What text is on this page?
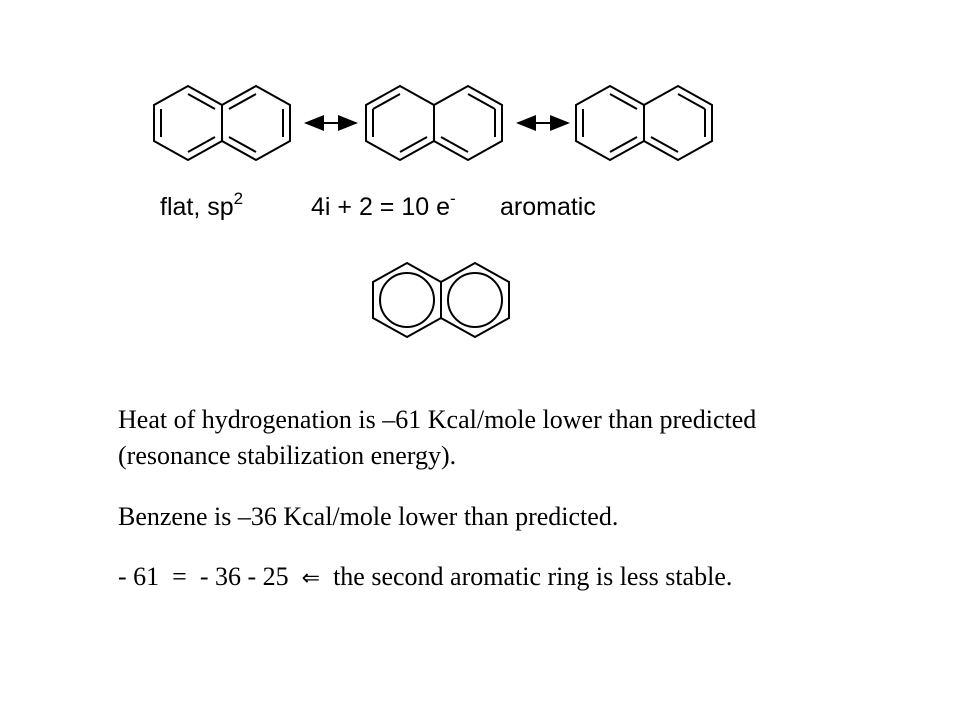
flat, $sp^2$	4i + 2 = 10 e- aromatic
Heat of hydrogenation is –61 Kcal/mole lower than predicted
(resonance stabilization energy).
Benzene is –36 Kcal/mole lower than predicted.
- 61  =  - 36 - 25  ⇐  the second aromatic ring is less stable.
